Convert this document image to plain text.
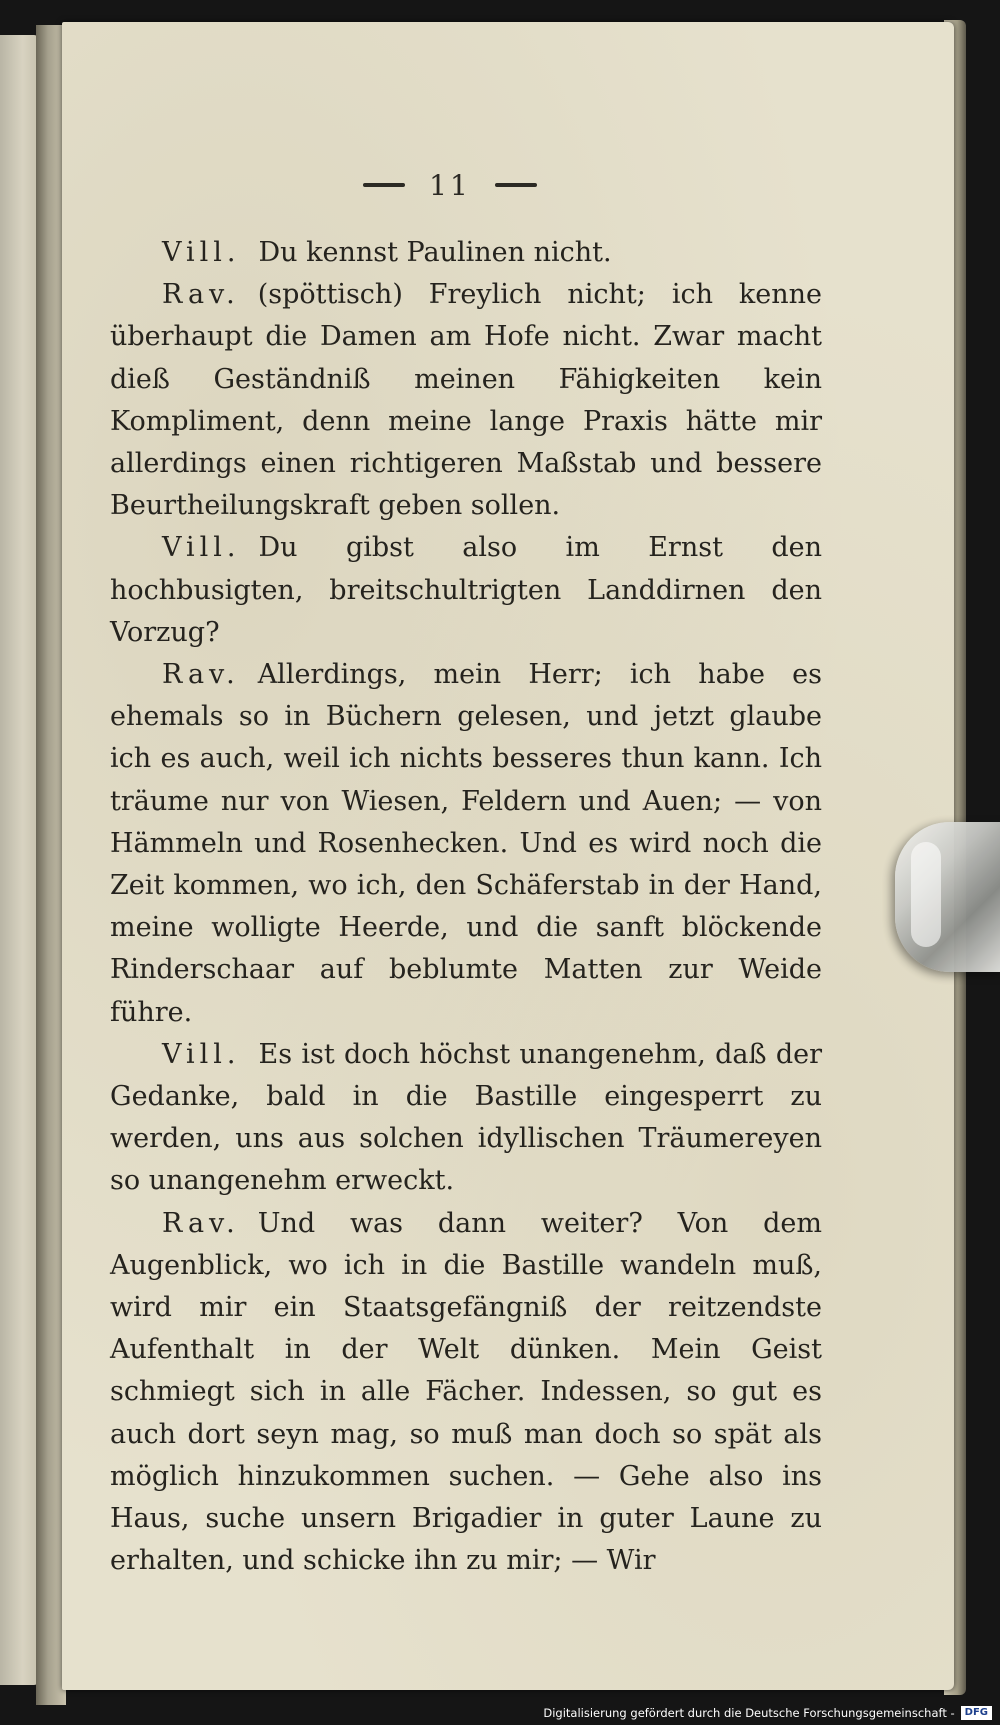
11

Vill. Du kennst Paulinen nicht.

Rav. (spöttisch) Freylich nicht; ich kenne überhaupt die Damen am Hofe nicht. Zwar macht dieß Geständniß meinen Fähigkeiten kein Kompliment, denn meine lange Praxis hätte mir allerdings einen richtigeren Maßstab und bessere Beurtheilungskraft geben sollen.

Vill. Du gibst also im Ernst den hochbusigten, breitschultrigten Landdirnen den Vorzug?

Rav. Allerdings, mein Herr; ich habe es ehemals so in Büchern gelesen, und jetzt glaube ich es auch, weil ich nichts besseres thun kann. Ich träume nur von Wiesen, Feldern und Auen; — von Hämmeln und Rosenhecken. Und es wird noch die Zeit kommen, wo ich, den Schäferstab in der Hand, meine wolligte Heerde, und die sanft blöckende Rinderschaar auf beblumte Matten zur Weide führe.

Vill. Es ist doch höchst unangenehm, daß der Gedanke, bald in die Bastille eingesperrt zu werden, uns aus solchen idyllischen Träumereyen so unangenehm erweckt.

Rav. Und was dann weiter? Von dem Augenblick, wo ich in die Bastille wandeln muß, wird mir ein Staatsgefängniß der reitzendste Aufenthalt in der Welt dünken. Mein Geist schmiegt sich in alle Fächer. Indessen, so gut es auch dort seyn mag, so muß man doch so spät als möglich hinzukommen suchen. — Gehe also ins Haus, suche unsern Brigadier in guter Laune zu erhalten, und schicke ihn zu mir; — Wir

Digitalisierung gefördert durch die Deutsche Forschungsgemeinschaft -	DFG
